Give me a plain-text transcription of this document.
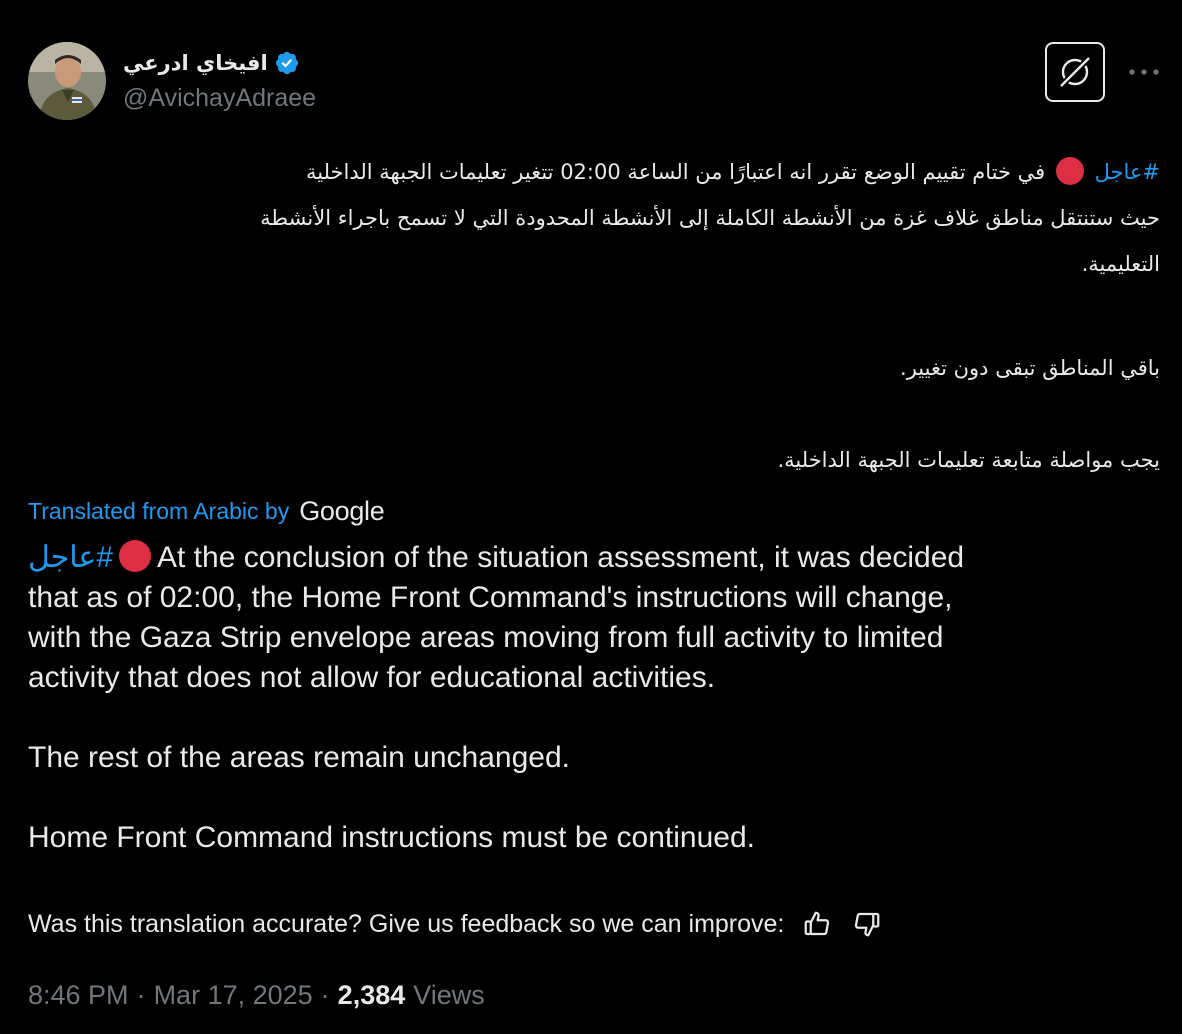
افيخاي ادرعي
@AvichayAdraee
#عاجل  في ختام تقييم الوضع تقرر انه اعتبارًا من الساعة 02:00 تتغير تعليمات الجبهة الداخلية
حيث ستنتقل مناطق غلاف غزة من الأنشطة الكاملة إلى الأنشطة المحدودة التي لا تسمح باجراء الأنشطة
التعليمية.
باقي المناطق تبقى دون تغيير.
يجب مواصلة متابعة تعليمات الجبهة الداخلية.
Translated from Arabic by Google
عاجل# At the conclusion of the situation assessment, it was decided
that as of 02:00, the Home Front Command's instructions will change,
with the Gaza Strip envelope areas moving from full activity to limited
activity that does not allow for educational activities.
The rest of the areas remain unchanged.
Home Front Command instructions must be continued.
Was this translation accurate? Give us feedback so we can improve:
8:46 PM · Mar 17, 2025 · 2,384 Views
